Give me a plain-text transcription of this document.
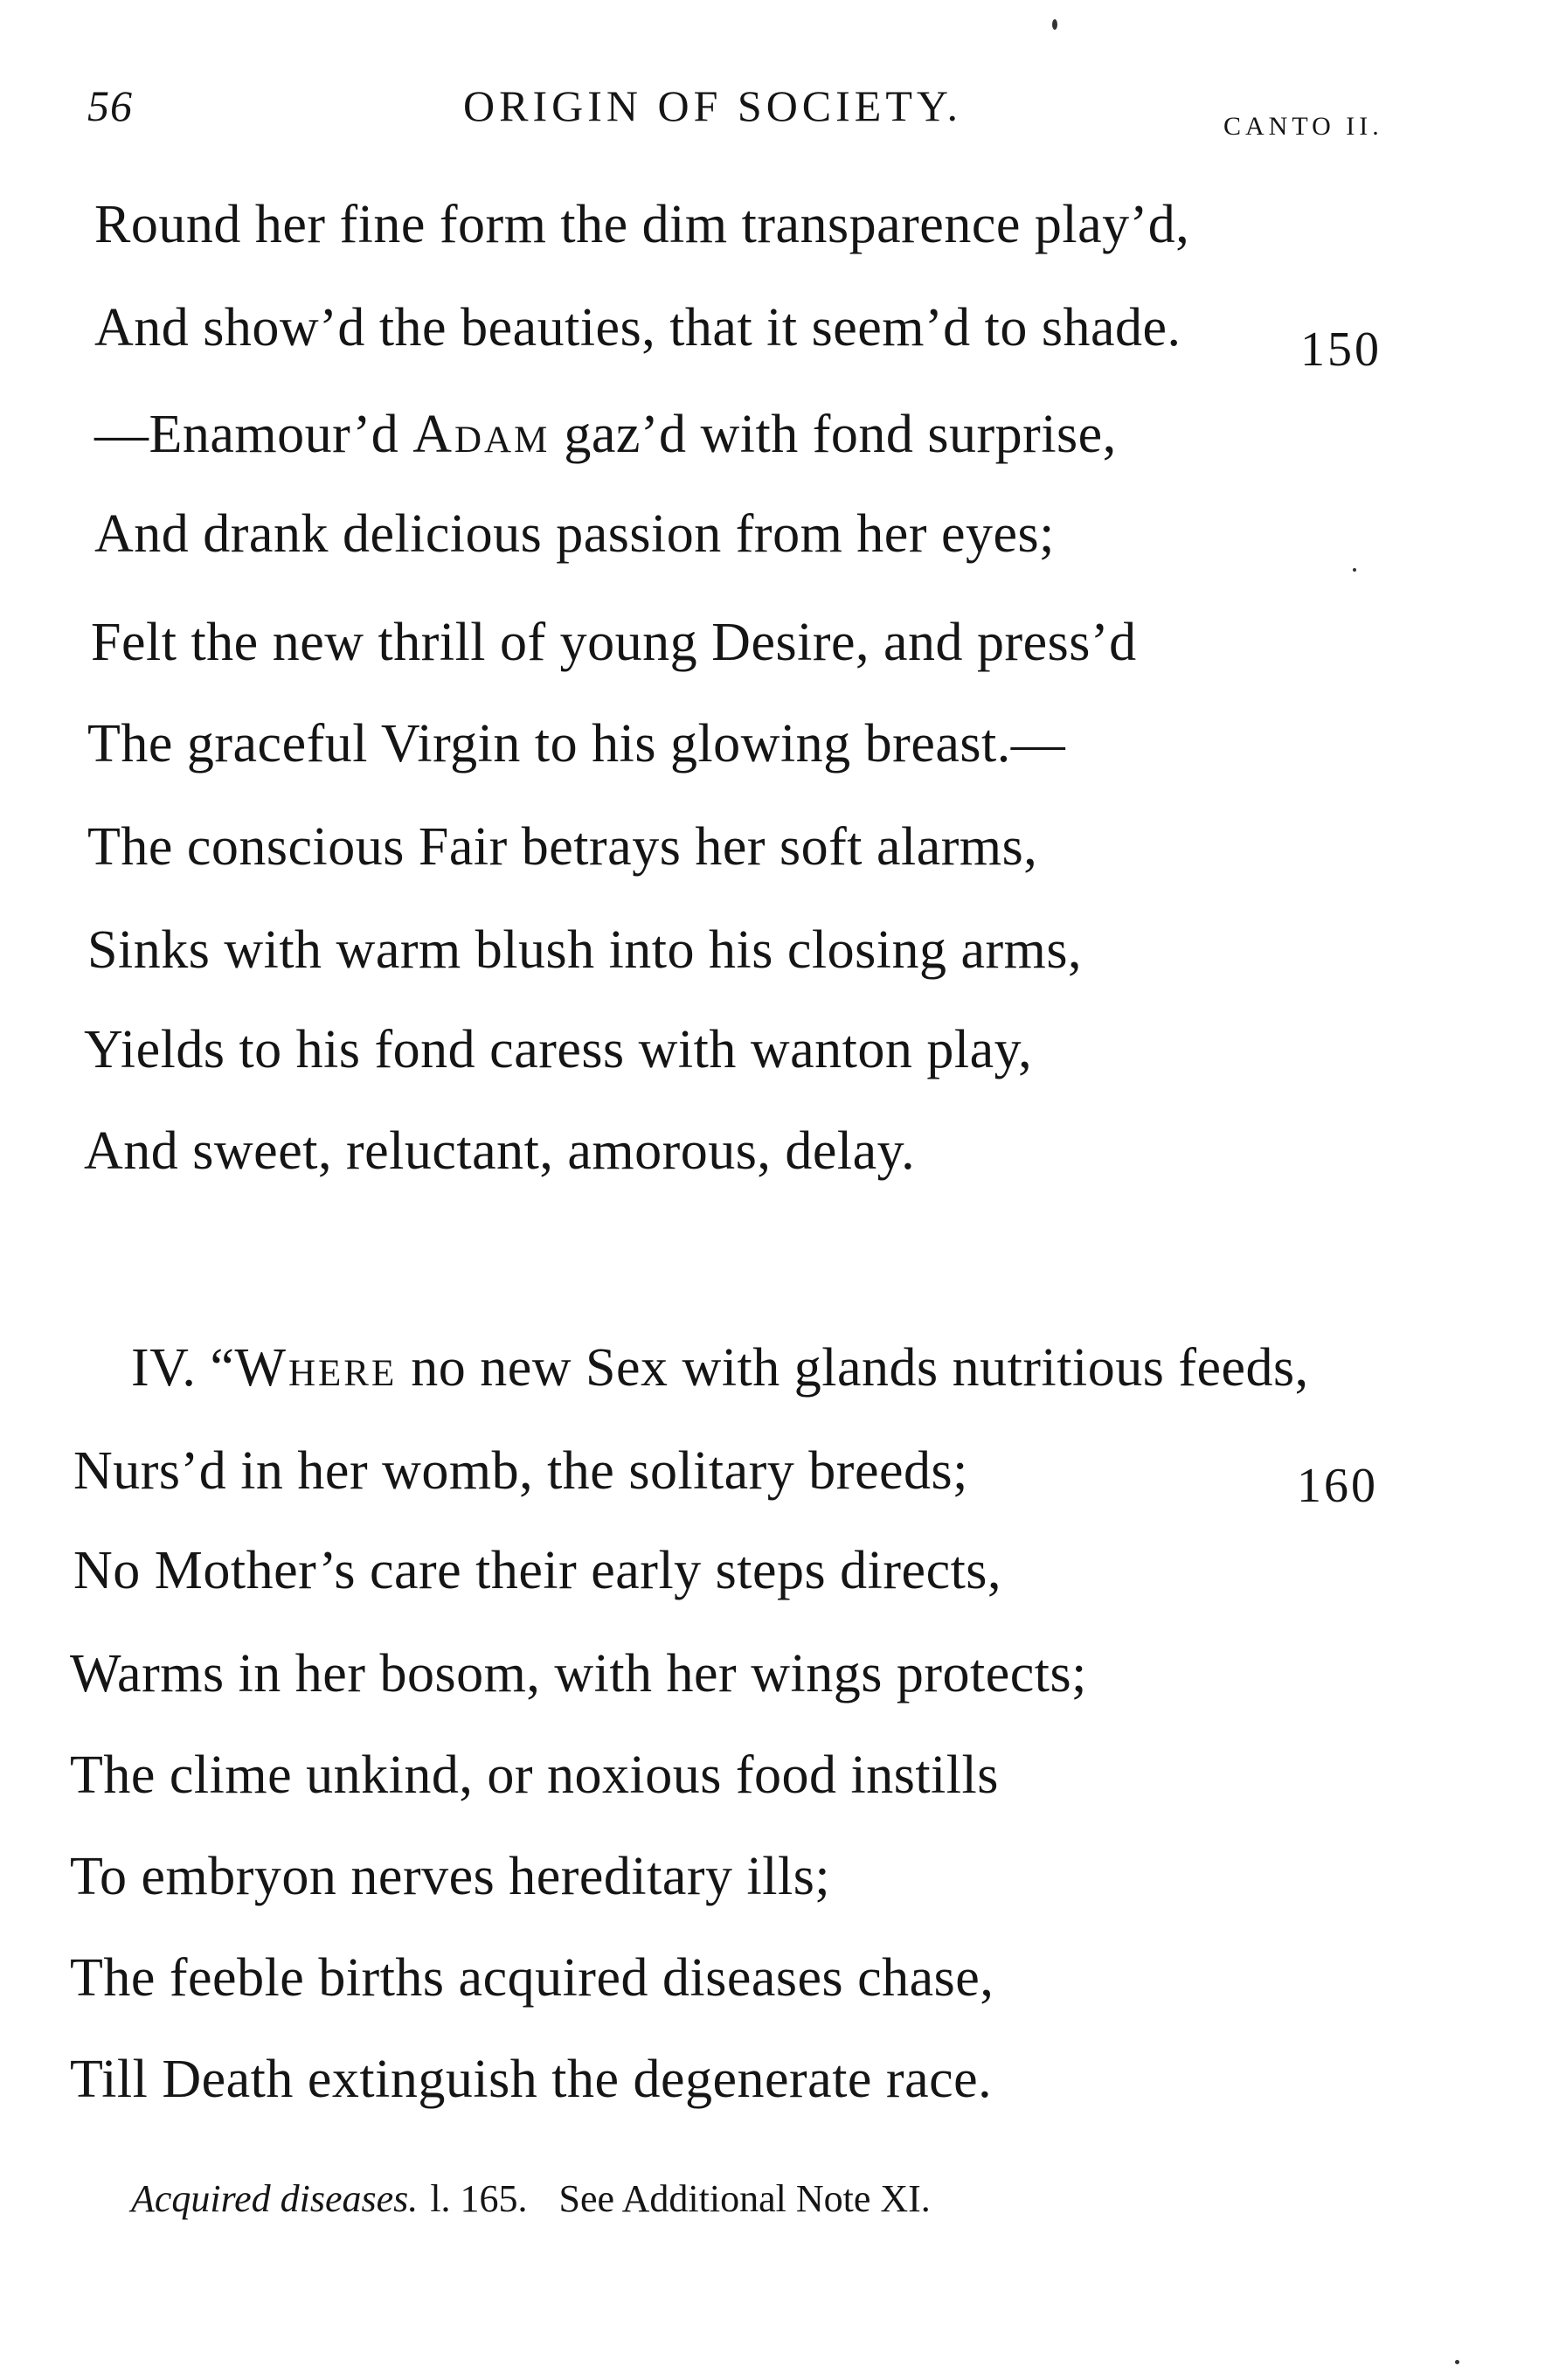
56	ORIGIN OF SOCIETY.	CANTO II.
Round her fine form the dim transparence play’d,
And show’d the beauties, that it seem’d to shade. 150
—Enamour’d Adam gaz’d with fond surprise,
And drank delicious passion from her eyes;
Felt the new thrill of young Desire, and press’d
The graceful Virgin to his glowing breast.—
The conscious Fair betrays her soft alarms,
Sinks with warm blush into his closing arms,
Yields to his fond caress with wanton play,
And sweet, reluctant, amorous, delay.
IV. “Where no new Sex with glands nutritious feeds,
Nurs’d in her womb, the solitary breeds;	160
No Mother’s care their early steps directs,
Warms in her bosom, with her wings protects;
The clime unkind, or noxious food instills
To embryon nerves hereditary ills;
The feeble births acquired diseases chase,
Till Death extinguish the degenerate race.
Acquired diseases. l. 165. See Additional Note XI.
